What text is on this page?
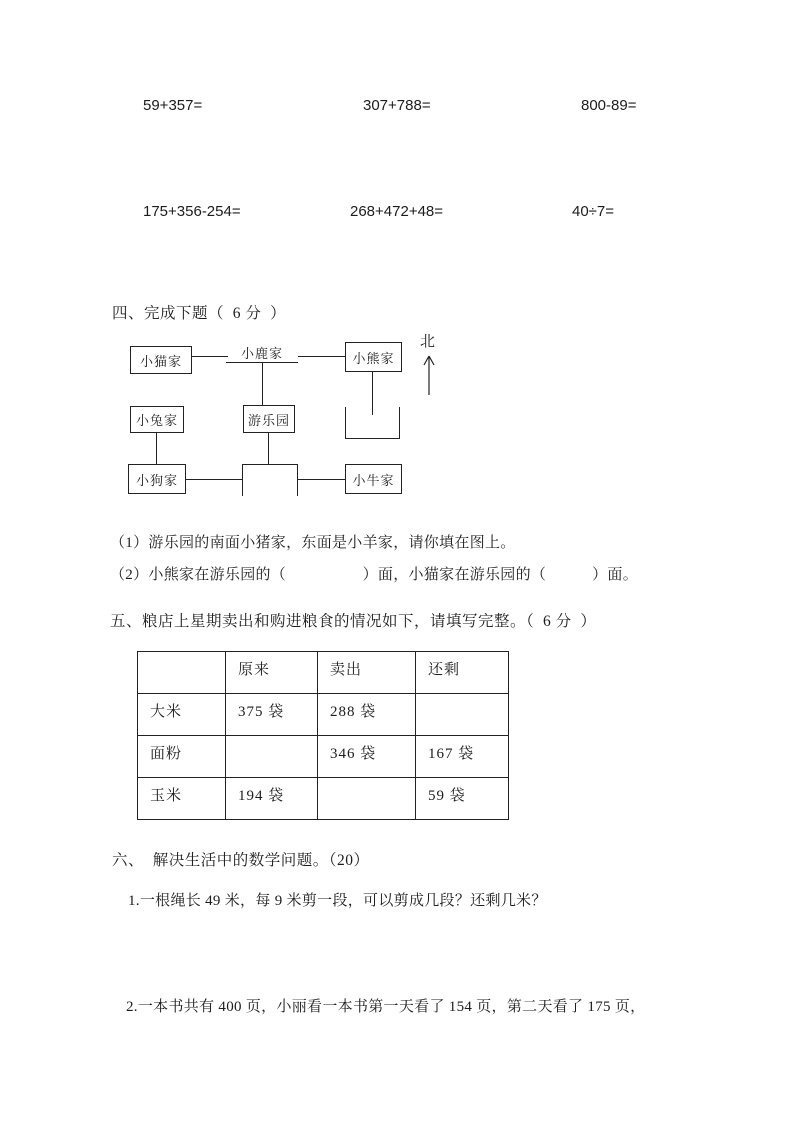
59+357=	307+788=	800-89=
175+356-254=	268+472+48=	40÷7=
四、完成下题（  6 分  ）
小猫家
小鹿家	小熊家
小兔家	游乐园
小狗家	小牛家
北
（1）游乐园的南面小猪家，东面是小羊家，请你填在图上。
（2）小熊家在游乐园的（　　　　　）面，小猫家在游乐园的（　　　）面。
五、粮店上星期卖出和购进粮食的情况如下，请填写完整。（  6 分  ）
	原来	卖出	还剩
大米	375 袋	288 袋	
面粉		346 袋	167 袋
玉米	194 袋		59 袋
六、  解决生活中的数学问题。（20）
1.一根绳长 49 米，每 9 米剪一段，可以剪成几段？还剩几米？
2.一本书共有 400 页，小丽看一本书第一天看了 154 页，第二天看了 175 页，
